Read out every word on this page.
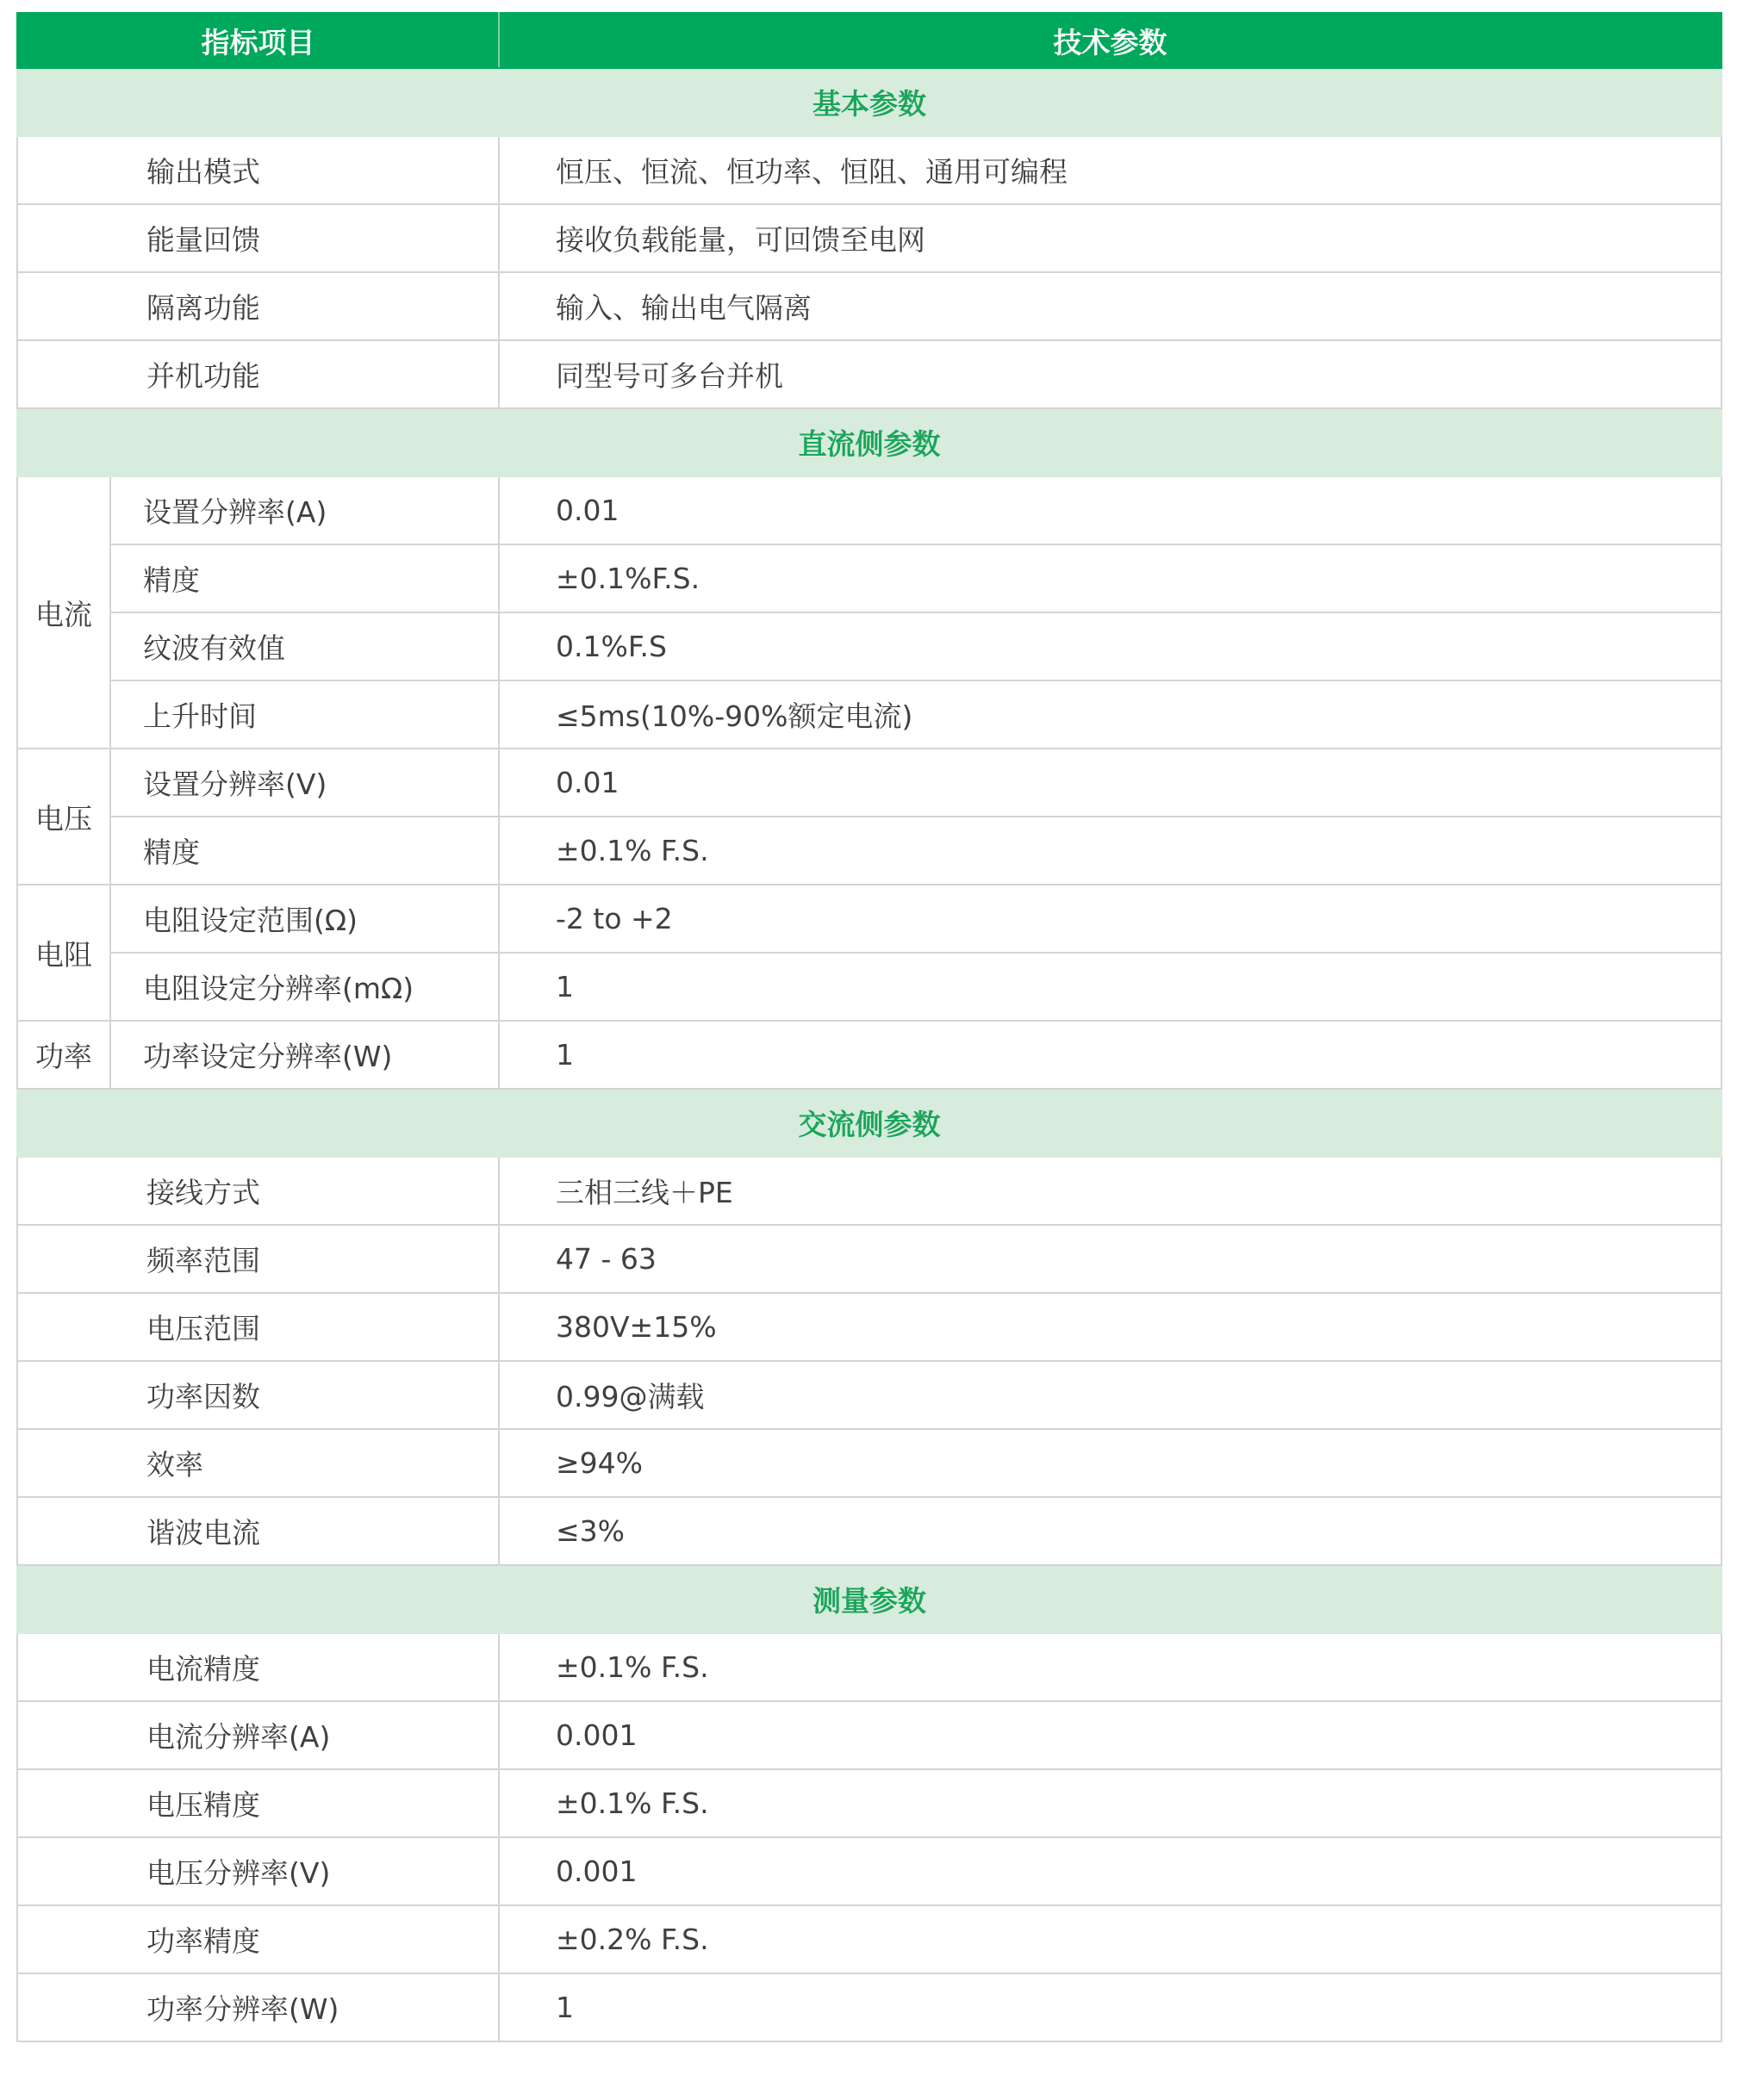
指标项目		技术参数
基本参数		
输出模式		恒压、恒流、恒功率、恒阻、通用可编程
能量回馈		接收负载能量，可回馈至电网
隔离功能		输入、输出电气隔离
并机功能		同型号可多台并机
直流侧参数		
电流	设置分辨率(A)	0.01
	精度	±0.1%F.S.
	纹波有效值	0.1%F.S
	上升时间	≤5ms(10%-90%额定电流)
电压	设置分辨率(V)	0.01
	精度	±0.1% F.S.
电阻	电阻设定范围(Ω)	-2 to +2
	电阻设定分辨率(mΩ)	1
功率	功率设定分辨率(W)	1
交流侧参数		
接线方式		三相三线＋PE
频率范围		47 - 63
电压范围		380V±15%
功率因数		0.99@满载
效率		≥94%
谐波电流		≤3%
测量参数		
电流精度		±0.1% F.S.
电流分辨率(A)		0.001
电压精度		±0.1% F.S.
电压分辨率(V)		0.001
功率精度		±0.2% F.S.
功率分辨率(W)		1
